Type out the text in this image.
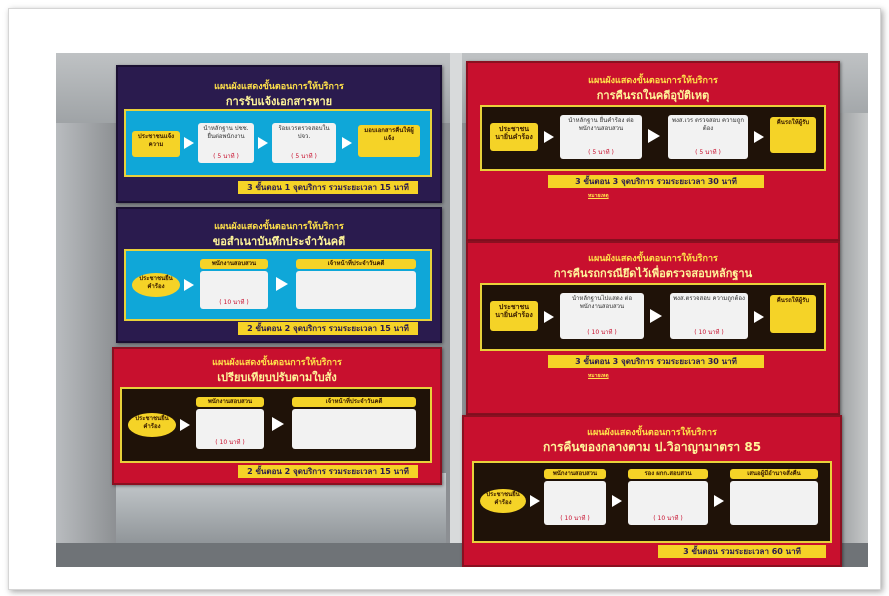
แผนผังแสดงขั้นตอนการให้บริการ
การรับแจ้งเอกสารหาย
ประชาชนแจ้งความ
นำหลักฐาน ปชช. ยื่นต่อพนักงาน
( 5 นาที )
ร้อยเวรตรวจสอบใน ปจว.
( 5 นาที )
มอบเอกสารคืนให้ผู้แจ้ง
3 ขั้นตอน 1 จุดบริการ รวมระยะเวลา 15 นาที
แผนผังแสดงขั้นตอนการให้บริการ
ขอสำเนาบันทึกประจำวันคดี
ประชาชนยื่นคำร้อง
พนักงานสอบสวน
( 10 นาที )
เจ้าหน้าที่ประจำวันคดี
2 ขั้นตอน 2 จุดบริการ รวมระยะเวลา 15 นาที
แผนผังแสดงขั้นตอนการให้บริการ
เปรียบเทียบปรับตามใบสั่ง
ประชาชนยื่นคำร้อง
พนักงานสอบสวน
( 10 นาที )
เจ้าหน้าที่ประจำวันคดี
2 ขั้นตอน 2 จุดบริการ รวมระยะเวลา 15 นาที
แผนผังแสดงขั้นตอนการให้บริการ
การคืนรถในคดีอุบัติเหตุ
ประชาชน นายิ่นคำร้อง
นำหลักฐาน ยื่นคำร้อง ต่อพนักงานสอบสวน
( 5 นาที )
พงส.เวร ตรวจสอบ ความถูกต้อง
( 5 นาที )
คืนรถให้ผู้รับ
3 ขั้นตอน 3 จุดบริการ รวมระยะเวลา 30 นาที
หมายเหตุ
แผนผังแสดงขั้นตอนการให้บริการ
การคืนรถกรณียึดไว้เพื่อตรวจสอบหลักฐาน
ประชาชน นายิ่นคำร้อง
นำหลักฐานไปแสดง ต่อพนักงานสอบสวน
( 10 นาที )
พงส.ตรวจสอบ ความถูกต้อง
( 10 นาที )
คืนรถให้ผู้รับ
3 ขั้นตอน 3 จุดบริการ รวมระยะเวลา 30 นาที
หมายเหตุ
แผนผังแสดงขั้นตอนการให้บริการ
การคืนของกลางตาม ป.วิอาญามาตรา 85
ประชาชนยื่นคำร้อง
พนักงานสอบสวน
( 10 นาที )
รอง ผกก.สอบสวน
( 10 นาที )
เสนอผู้มีอำนาจสั่งคืน
3 ขั้นตอน รวมระยะเวลา 60 นาที
